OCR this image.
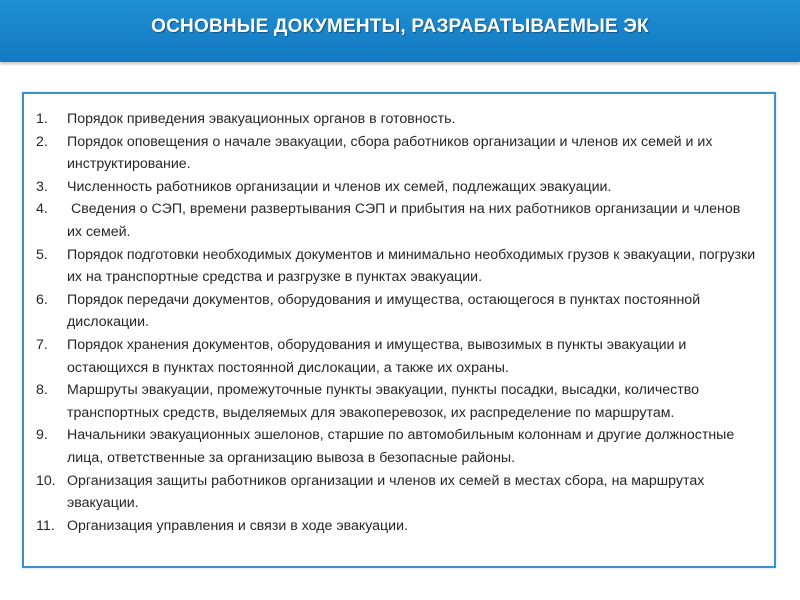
ОСНОВНЫЕ ДОКУМЕНТЫ, РАЗРАБАТЫВАЕМЫЕ ЭК
1.	Порядок приведения эвакуационных органов в готовность.
2.	Порядок оповещения о начале эвакуации, сбора работников организации и членов их семей и их инструктирование.
3.	Численность работников организации и членов их семей, подлежащих эвакуации.
4.	Сведения о СЭП, времени развертывания СЭП и прибытия на них работников организации и членов их семей.
5.	Порядок подготовки необходимых документов и минимально необходимых грузов к эвакуации, погрузки их на транспортные средства и разгрузке в пунктах эвакуации.
6.	Порядок передачи документов, оборудования и имущества, остающегося в пунктах постоянной дислокации.
7.	Порядок хранения документов, оборудования и имущества, вывозимых в пункты эвакуации и остающихся в пунктах постоянной дислокации, а также их охраны.
8.	Маршруты эвакуации, промежуточные пункты эвакуации, пункты посадки, высадки, количество транспортных средств, выделяемых для эвакоперевозок, их распределение по маршрутам.
9.	Начальники эвакуационных эшелонов, старшие по автомобильным колоннам и другие должностные лица, ответственные за организацию вывоза в безопасные районы.
10. Организация защиты работников организации и членов их семей в местах сбора, на маршрутах эвакуации.
11. Организация управления и связи в ходе эвакуации.
